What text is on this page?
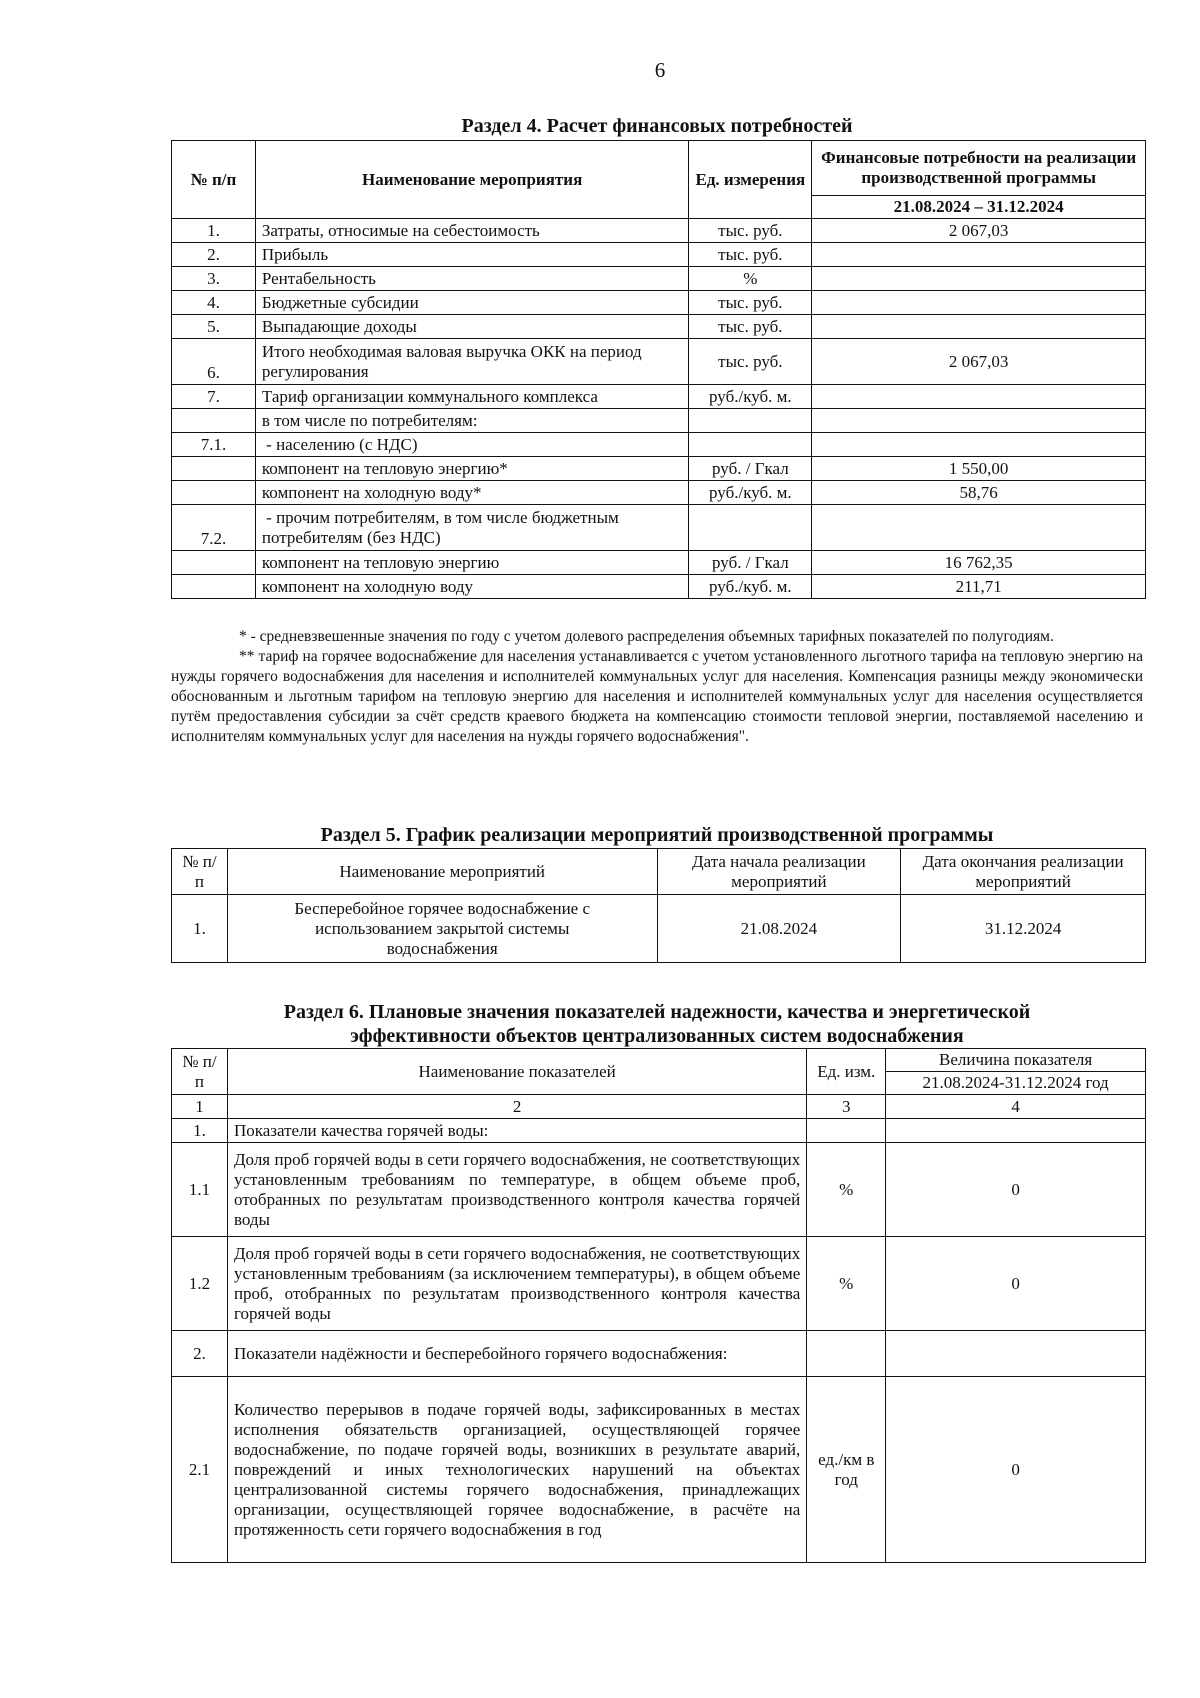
6
Раздел 4. Расчет финансовых потребностей
№ п/п	Наименование мероприятия	Ед. измерения	Финансовые потребности на реализации производственной программы
			21.08.2024 – 31.12.2024
1.	Затраты, относимые на себестоимость	тыс. руб.	2 067,03
2.	Прибыль	тыс. руб.	
3.	Рентабельность	%	
4.	Бюджетные субсидии	тыс. руб.	
5.	Выпадающие доходы	тыс. руб.	
6.	Итого необходимая валовая выручка ОКК на период регулирования	тыс. руб.	2 067,03
7.	Тариф организации коммунального комплекса	руб./куб. м.	
	в том числе по потребителям:		
7.1.	- населению (с НДС)		
	компонент на тепловую энергию*	руб. / Гкал	1 550,00
	компонент на холодную воду*	руб./куб. м.	58,76
7.2.	- прочим потребителям, в том числе бюджетным потребителям (без НДС)		
	компонент на тепловую энергию	руб. / Гкал	16 762,35
	компонент на холодную воду	руб./куб. м.	211,71

* - средневзвешенные значения по году с учетом долевого распределения объемных тарифных показателей по полугодиям.

** тариф на горячее водоснабжение для населения устанавливается с учетом установленного льготного тарифа на тепловую энергию на нужды горячего водоснабжения для населения и исполнителей коммунальных услуг для населения. Компенсация разницы между экономически обоснованным и льготным тарифом на тепловую энергию для населения и исполнителей коммунальных услуг для населения осуществляется путём предоставления субсидии за счёт средств краевого бюджета на компенсацию стоимости тепловой энергии, поставляемой населению и исполнителям коммунальных услуг для населения на нужды горячего водоснабжения".

Раздел 5. График реализации мероприятий производственной программы
№ п/п	Наименование мероприятий	Дата начала реализации мероприятий	Дата окончания реализации мероприятий
1.	Бесперебойное горячее водоснабжение с использованием закрытой системы водоснабжения	21.08.2024	31.12.2024
Раздел 6. Плановые значения показателей надежности, качества и энергетической
эффективности объектов централизованных систем водоснабжения
№ п/п	Наименование показателей	Ед. изм.	Величина показателя
			21.08.2024-31.12.2024 год
1	2	3	4
1.	Показатели качества горячей воды:		
1.1	Доля проб горячей воды в сети горячего водоснабжения, не соответствующих установленным требованиям по температуре, в общем объеме проб, отобранных по результатам производственного контроля качества горячей воды	%	0
1.2	Доля проб горячей воды в сети горячего водоснабжения, не соответствующих установленным требованиям (за исключением температуры), в общем объеме проб, отобранных по результатам производственного контроля качества горячей воды	%	0
2.	Показатели надёжности и бесперебойного горячего водоснабжения:		
2.1	Количество перерывов в подаче горячей воды, зафиксированных в местах исполнения обязательств организацией, осуществляющей горячее водоснабжение, по подаче горячей воды, возникших в результате аварий, повреждений и иных технологических нарушений на объектах централизованной системы горячего водоснабжения, принадлежащих организации, осуществляющей горячее водоснабжение, в расчёте на протяженность сети горячего водоснабжения в год	ед./км в год	0
